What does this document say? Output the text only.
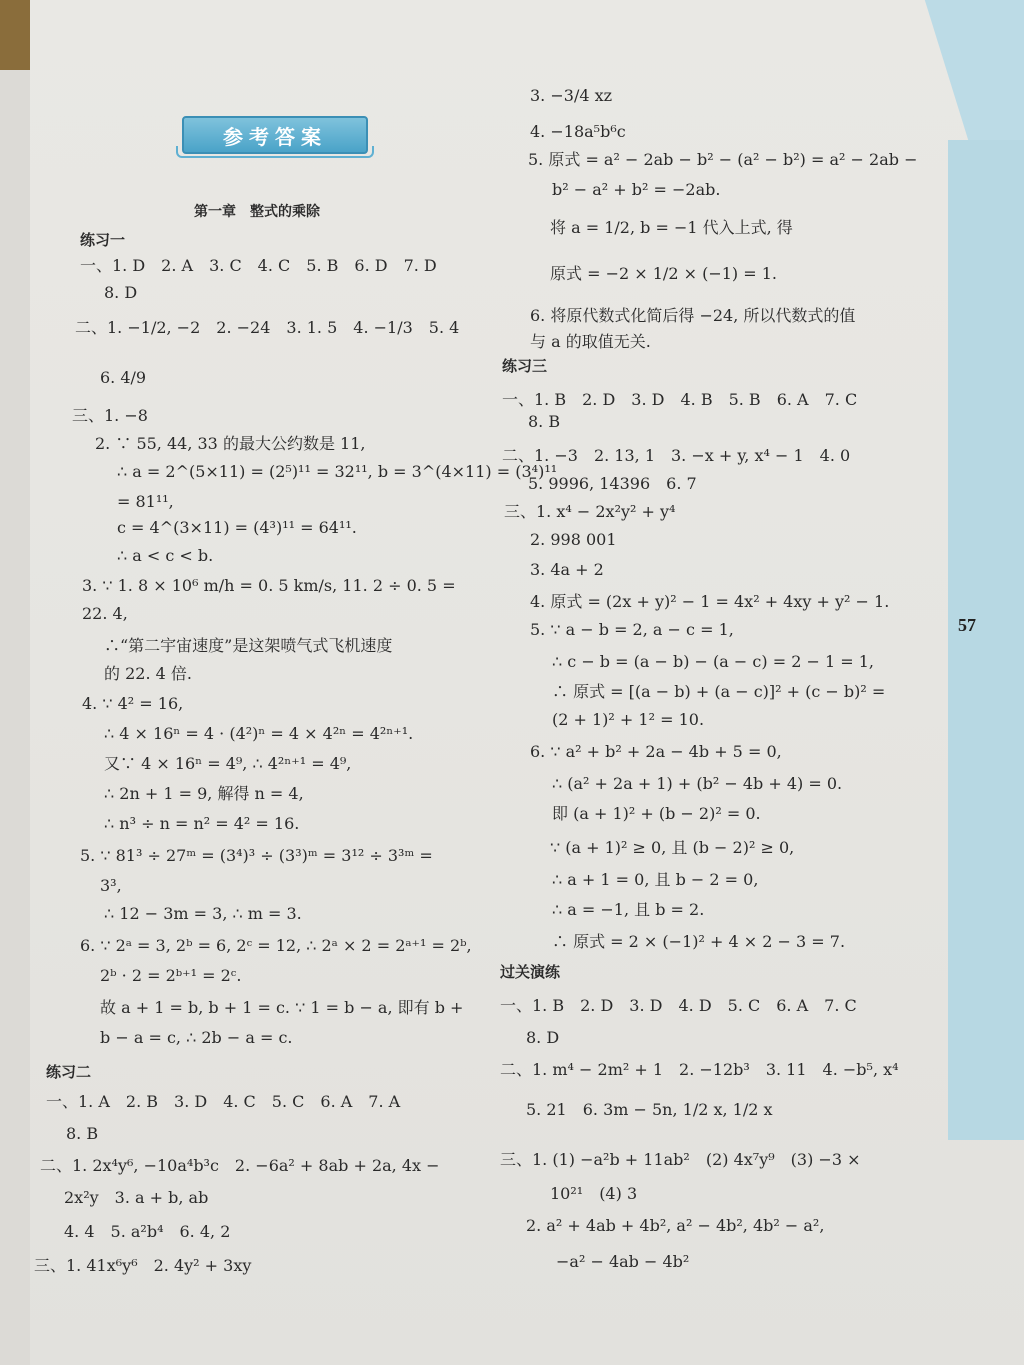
参考答案
第一章　整式的乘除
57
练习一
一、1. D　2. A　3. C　4. C　5. B　6. D　7. D
8. D
二、1. −1/2, −2　2. −24　3. 1. 5　4. −1/3　5. 4
6. 4/9
三、1. −8
2. ∵ 55, 44, 33 的最大公约数是 11,
∴ a = 2^(5×11) = (2⁵)¹¹ = 32¹¹, b = 3^(4×11) = (3⁴)¹¹
= 81¹¹,
c = 4^(3×11) = (4³)¹¹ = 64¹¹.
∴ a < c < b.
3. ∵ 1. 8 × 10⁶ m/h = 0. 5 km/s, 11. 2 ÷ 0. 5 =
22. 4,
∴“第二宇宙速度”是这架喷气式飞机速度
的 22. 4 倍.
4. ∵ 4² = 16,
∴ 4 × 16ⁿ = 4 · (4²)ⁿ = 4 × 4²ⁿ = 4²ⁿ⁺¹.
又∵ 4 × 16ⁿ = 4⁹, ∴ 4²ⁿ⁺¹ = 4⁹,
∴ 2n + 1 = 9, 解得 n = 4,
∴ n³ ÷ n = n² = 4² = 16.
5. ∵ 81³ ÷ 27ᵐ = (3⁴)³ ÷ (3³)ᵐ = 3¹² ÷ 3³ᵐ =
3³,
∴ 12 − 3m = 3, ∴ m = 3.
6. ∵ 2ᵃ = 3, 2ᵇ = 6, 2ᶜ = 12, ∴ 2ᵃ × 2 = 2ᵃ⁺¹ = 2ᵇ,
2ᵇ · 2 = 2ᵇ⁺¹ = 2ᶜ.
故 a + 1 = b, b + 1 = c. ∵ 1 = b − a, 即有 b +
b − a = c, ∴ 2b − a = c.
练习二
一、1. A　2. B　3. D　4. C　5. C　6. A　7. A
8. B
二、1. 2x⁴y⁶, −10a⁴b³c　2. −6a² + 8ab + 2a, 4x −
2x²y　3. a + b, ab
4. 4　5. a²b⁴　6. 4, 2
三、1. 41x⁶y⁶　2. 4y² + 3xy
3. −3/4 xz
4. −18a⁵b⁶c
5. 原式 = a² − 2ab − b² − (a² − b²) = a² − 2ab −
b² − a² + b² = −2ab.
将 a = 1/2, b = −1 代入上式, 得
原式 = −2 × 1/2 × (−1) = 1.
6. 将原代数式化简后得 −24, 所以代数式的值
与 a 的取值无关.
练习三
一、1. B　2. D　3. D　4. B　5. B　6. A　7. C
8. B
二、1. −3　2. 13, 1　3. −x + y, x⁴ − 1　4. 0
5. 9996, 14396　6. 7
三、1. x⁴ − 2x²y² + y⁴
2. 998 001
3. 4a + 2
4. 原式 = (2x + y)² − 1 = 4x² + 4xy + y² − 1.
5. ∵ a − b = 2, a − c = 1,
∴ c − b = (a − b) − (a − c) = 2 − 1 = 1,
∴ 原式 = [(a − b) + (a − c)]² + (c − b)² =
(2 + 1)² + 1² = 10.
6. ∵ a² + b² + 2a − 4b + 5 = 0,
∴ (a² + 2a + 1) + (b² − 4b + 4) = 0.
即 (a + 1)² + (b − 2)² = 0.
∵ (a + 1)² ≥ 0, 且 (b − 2)² ≥ 0,
∴ a + 1 = 0, 且 b − 2 = 0,
∴ a = −1, 且 b = 2.
∴ 原式 = 2 × (−1)² + 4 × 2 − 3 = 7.
过关演练
一、1. B　2. D　3. D　4. D　5. C　6. A　7. C
8. D
二、1. m⁴ − 2m² + 1　2. −12b³　3. 11　4. −b⁵, x⁴
5. 21　6. 3m − 5n, 1/2 x, 1/2 x
三、1. (1) −a²b + 11ab²　(2) 4x⁷y⁹　(3) −3 ×
10²¹　(4) 3
2. a² + 4ab + 4b², a² − 4b², 4b² − a²,
−a² − 4ab − 4b²
